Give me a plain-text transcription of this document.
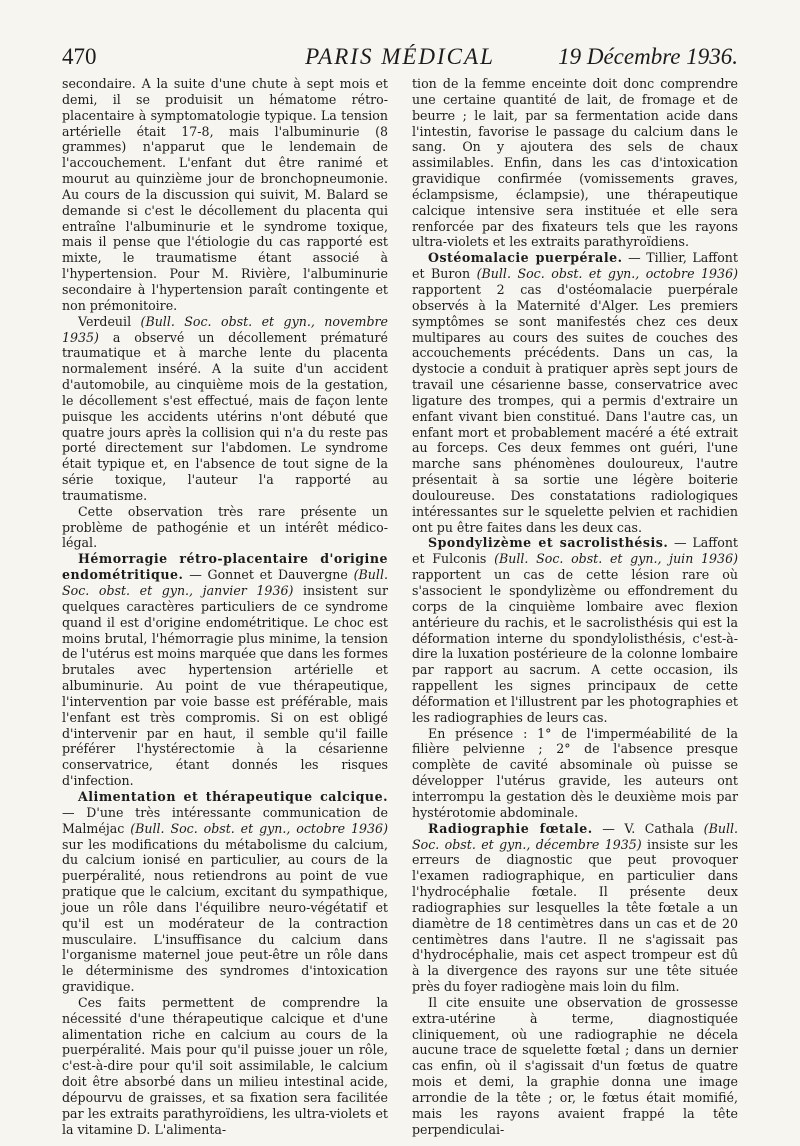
470	PARIS MÉDICAL	19 Décembre 1936.

secondaire. A la suite d'une chute à sept mois et demi, il se produisit un hématome rétro-placentaire à symptomatologie typique. La tension artérielle était 17-8, mais l'albuminurie (8 grammes) n'apparut que le lendemain de l'accouchement. L'enfant dut être ranimé et mourut au quinzième jour de bronchopneumonie. Au cours de la discussion qui suivit, M. Balard se demande si c'est le décollement du placenta qui entraîne l'albuminurie et le syndrome toxique, mais il pense que l'étiologie du cas rapporté est mixte, le traumatisme étant associé à l'hypertension. Pour M. Rivière, l'albuminurie secondaire à l'hypertension paraît contingente et non prémonitoire.

Verdeuil (Bull. Soc. obst. et gyn., novembre 1935) a observé un décollement prématuré traumatique et à marche lente du placenta normalement inséré. A la suite d'un accident d'automobile, au cinquième mois de la gestation, le décollement s'est effectué, mais de façon lente puisque les accidents utérins n'ont débuté que quatre jours après la collision qui n'a du reste pas porté directement sur l'abdomen. Le syndrome était typique et, en l'absence de tout signe de la série toxique, l'auteur l'a rapporté au traumatisme.

Cette observation très rare présente un problème de pathogénie et un intérêt médico-légal.

Hémorragie rétro-placentaire d'origine endométritique. — Gonnet et Dauvergne (Bull. Soc. obst. et gyn., janvier 1936) insistent sur quelques caractères particuliers de ce syndrome quand il est d'origine endométritique. Le choc est moins brutal, l'hémorragie plus minime, la tension de l'utérus est moins marquée que dans les formes brutales avec hypertension artérielle et albuminurie. Au point de vue thérapeutique, l'intervention par voie basse est préférable, mais l'enfant est très compromis. Si on est obligé d'intervenir par en haut, il semble qu'il faille préférer l'hystérectomie à la césarienne conservatrice, étant donnés les risques d'infection.

Alimentation et thérapeutique calcique. — D'une très intéressante communication de Malméjac (Bull. Soc. obst. et gyn., octobre 1936) sur les modifications du métabolisme du calcium, du calcium ionisé en particulier, au cours de la puerpéralité, nous retiendrons au point de vue pratique que le calcium, excitant du sympathique, joue un rôle dans l'équilibre neuro-végétatif et qu'il est un modérateur de la contraction musculaire. L'insuffisance du calcium dans l'organisme maternel joue peut-être un rôle dans le déterminisme des syndromes d'intoxication gravidique.

Ces faits permettent de comprendre la nécessité d'une thérapeutique calcique et d'une alimentation riche en calcium au cours de la puerpéralité. Mais pour qu'il puisse jouer un rôle, c'est-à-dire pour qu'il soit assimilable, le calcium doit être absorbé dans un milieu intestinal acide, dépourvu de graisses, et sa fixation sera facilitée par les extraits parathyroïdiens, les ultra-violets et la vitamine D. L'alimenta-

tion de la femme enceinte doit donc comprendre une certaine quantité de lait, de fromage et de beurre ; le lait, par sa fermentation acide dans l'intestin, favorise le passage du calcium dans le sang. On y ajoutera des sels de chaux assimilables. Enfin, dans les cas d'intoxication gravidique confirmée (vomissements graves, éclampsisme, éclampsie), une thérapeutique calcique intensive sera instituée et elle sera renforcée par des fixateurs tels que les rayons ultra-violets et les extraits parathyroïdiens.

Ostéomalacie puerpérale. — Tillier, Laffont et Buron (Bull. Soc. obst. et gyn., octobre 1936) rapportent 2 cas d'ostéomalacie puerpérale observés à la Maternité d'Alger. Les premiers symptômes se sont manifestés chez ces deux multipares au cours des suites de couches des accouchements précédents. Dans un cas, la dystocie a conduit à pratiquer après sept jours de travail une césarienne basse, conservatrice avec ligature des trompes, qui a permis d'extraire un enfant vivant bien constitué. Dans l'autre cas, un enfant mort et probablement macéré a été extrait au forceps. Ces deux femmes ont guéri, l'une marche sans phénomènes douloureux, l'autre présentait à sa sortie une légère boiterie douloureuse. Des constatations radiologiques intéressantes sur le squelette pelvien et rachidien ont pu être faites dans les deux cas.

Spondylizème et sacrolisthésis. — Laffont et Fulconis (Bull. Soc. obst. et gyn., juin 1936) rapportent un cas de cette lésion rare où s'associent le spondylizème ou effondrement du corps de la cinquième lombaire avec flexion antérieure du rachis, et le sacrolisthésis qui est la déformation interne du spondylolisthésis, c'est-à-dire la luxation postérieure de la colonne lombaire par rapport au sacrum. A cette occasion, ils rappellent les signes principaux de cette déformation et l'illustrent par les photographies et les radiographies de leurs cas.

En présence : 1° de l'imperméabilité de la filière pelvienne ; 2° de l'absence presque complète de cavité absominale où puisse se développer l'utérus gravide, les auteurs ont interrompu la gestation dès le deuxième mois par hystérotomie abdominale.

Radiographie fœtale. — V. Cathala (Bull. Soc. obst. et gyn., décembre 1935) insiste sur les erreurs de diagnostic que peut provoquer l'examen radiographique, en particulier dans l'hydrocéphalie fœtale. Il présente deux radiographies sur lesquelles la tête fœtale a un diamètre de 18 centimètres dans un cas et de 20 centimètres dans l'autre. Il ne s'agissait pas d'hydrocéphalie, mais cet aspect trompeur est dû à la divergence des rayons sur une tête située près du foyer radiogène mais loin du film.

Il cite ensuite une observation de grossesse extra-utérine à terme, diagnostiquée cliniquement, où une radiographie ne décela aucune trace de squelette fœtal ; dans un dernier cas enfin, où il s'agissait d'un fœtus de quatre mois et demi, la graphie donna une image arrondie de la tête ; or, le fœtus était momifié, mais les rayons avaient frappé la tête perpendiculai-
